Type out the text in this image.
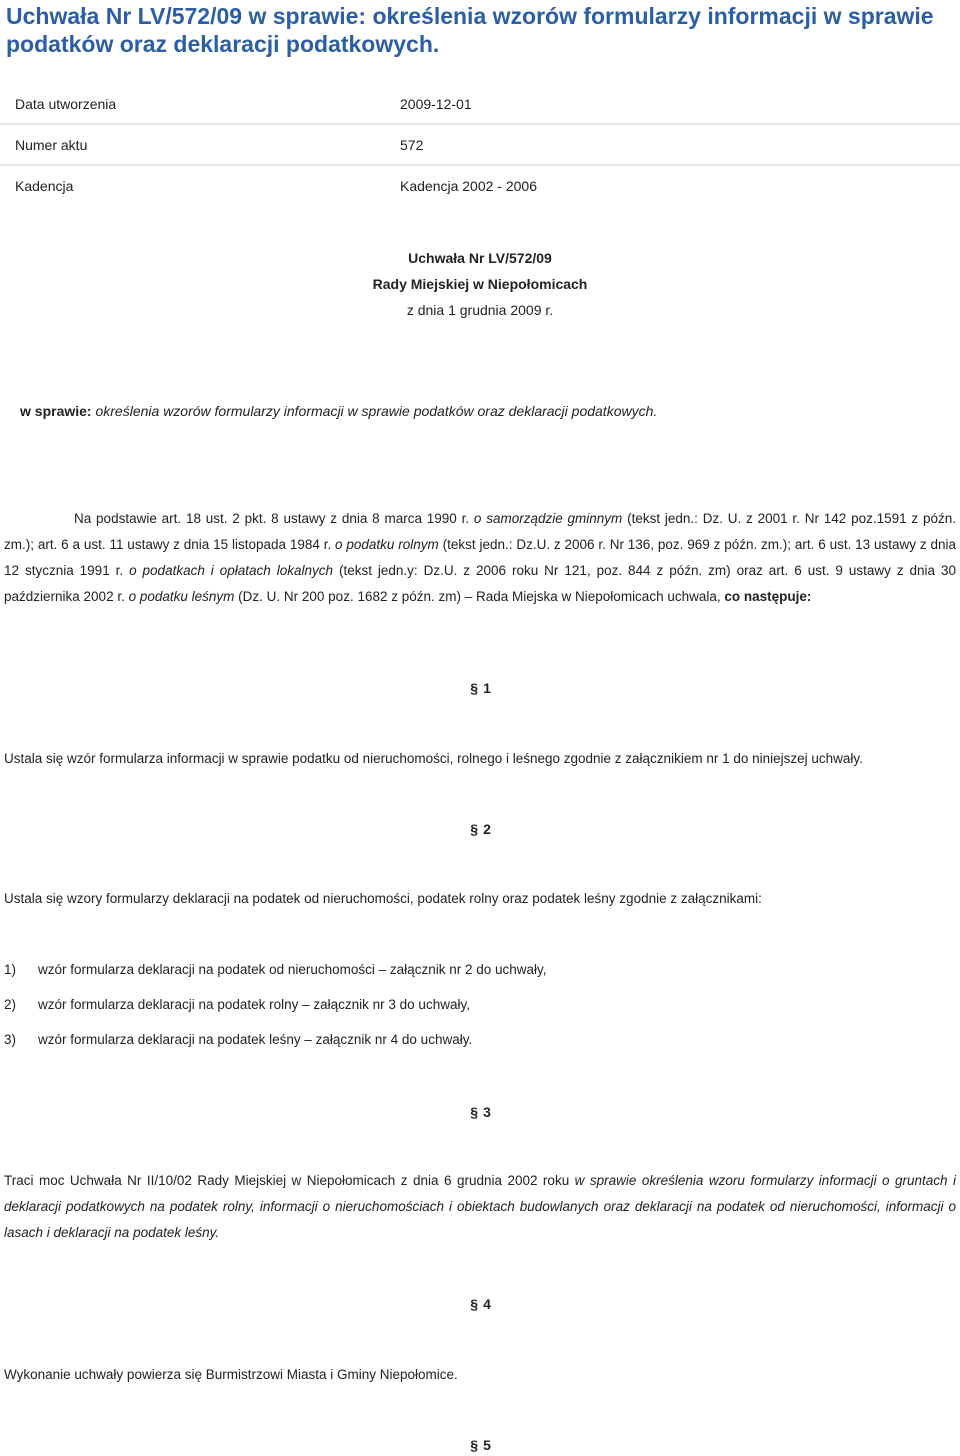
Uchwała Nr LV/572/09 w sprawie: określenia wzorów formularzy informacji w sprawie podatków oraz deklaracji podatkowych.
Data utworzenia	2009-12-01
Numer aktu	572
Kadencja	Kadencja 2002 - 2006
Uchwała Nr LV/572/09
Rady Miejskiej w Niepołomicach
z dnia 1 grudnia 2009 r.
w sprawie: określenia wzorów formularzy informacji w sprawie podatków oraz deklaracji podatkowych.
Na podstawie art. 18 ust. 2 pkt. 8 ustawy z dnia 8 marca 1990 r. o samorządzie gminnym (tekst jedn.: Dz. U. z 2001 r. Nr 142 poz.1591 z późn. zm.); art. 6 a ust. 11 ustawy z dnia 15 listopada 1984 r. o podatku rolnym (tekst jedn.: Dz.U. z 2006 r. Nr 136, poz. 969 z późn. zm.); art. 6 ust. 13 ustawy z dnia 12 stycznia 1991 r. o podatkach i opłatach lokalnych (tekst jedn.y: Dz.U. z 2006 roku Nr 121, poz. 844 z późn. zm) oraz art. 6 ust. 9 ustawy z dnia 30 października 2002 r. o podatku leśnym (Dz. U. Nr 200 poz. 1682 z późn. zm) – Rada Miejska w Niepołomicach uchwala, co następuje:
§ 1
Ustala się wzór formularza informacji w sprawie podatku od nieruchomości, rolnego i leśnego zgodnie z załącznikiem nr 1 do niniejszej uchwały.
§ 2
Ustala się wzory formularzy deklaracji na podatek od nieruchomości, podatek rolny oraz podatek leśny zgodnie z załącznikami:
1) wzór formularza deklaracji na podatek od nieruchomości – załącznik nr 2 do uchwały,
2) wzór formularza deklaracji na podatek rolny – załącznik nr 3 do uchwały,
3) wzór formularza deklaracji na podatek leśny – załącznik nr 4 do uchwały.
§ 3
Traci moc Uchwała Nr II/10/02 Rady Miejskiej w Niepołomicach z dnia 6 grudnia 2002 roku w sprawie określenia wzoru formularzy informacji o gruntach i deklaracji podatkowych na podatek rolny, informacji o nieruchomościach i obiektach budowlanych oraz deklaracji na podatek od nieruchomości, informacji o lasach i deklaracji na podatek leśny.
§ 4
Wykonanie uchwały powierza się Burmistrzowi Miasta i Gminy Niepołomice.
§ 5
